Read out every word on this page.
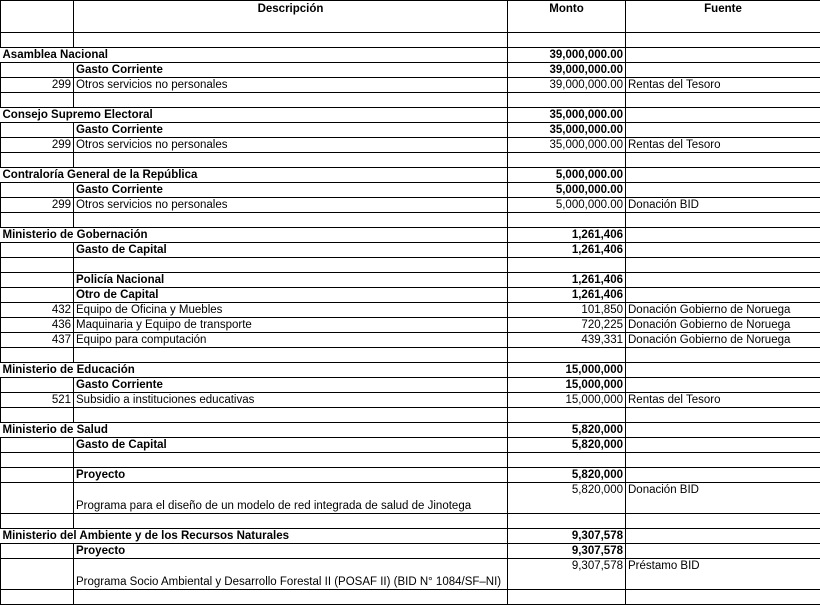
	Descripción	Monto	Fuente

Asamblea Nacional		39,000,000.00	
	Gasto Corriente	39,000,000.00	
299	Otros servicios no personales	39,000,000.00	Rentas del Tesoro

Consejo Supremo Electoral		35,000,000.00	
	Gasto Corriente	35,000,000.00	
299	Otros servicios no personales	35,000,000.00	Rentas del Tesoro

Contraloría General de la República		5,000,000.00	
	Gasto Corriente	5,000,000.00	
299	Otros servicios no personales	5,000,000.00	Donación BID

Ministerio de Gobernación		1,261,406	
	Gasto de Capital	1,261,406	

	Policía Nacional	1,261,406	
	Otro de Capital	1,261,406	
432	Equipo de Oficina y Muebles	101,850	Donación Gobierno de Noruega
436	Maquinaria y Equipo de transporte	720,225	Donación Gobierno de Noruega
437	Equipo para computación	439,331	Donación Gobierno de Noruega

Ministerio de Educación		15,000,000	
	Gasto Corriente	15,000,000	
521	Subsidio a instituciones educativas	15,000,000	Rentas del Tesoro

Ministerio de Salud		5,820,000	
	Gasto de Capital	5,820,000	

	Proyecto	5,820,000	
	Programa para el diseño de un modelo de red integrada de salud de Jinotega	5,820,000	Donación BID

Ministerio del Ambiente y de los Recursos Naturales		9,307,578	
	Proyecto	9,307,578	
	Programa Socio Ambiental y Desarrollo Forestal II (POSAF II) (BID N° 1084/SF–NI)	9,307,578	Préstamo BID
